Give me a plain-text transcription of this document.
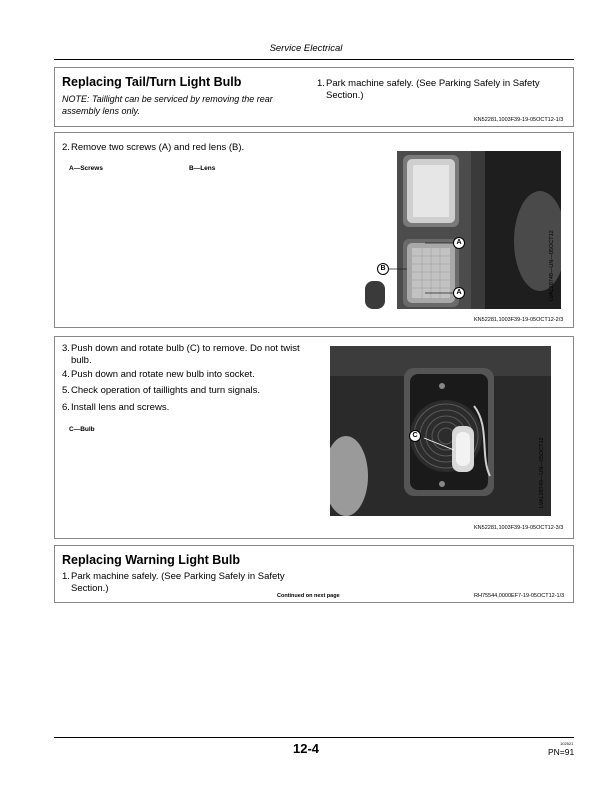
Service Electrical
Replacing Tail/Turn Light Bulb
NOTE: Taillight can be serviced by removing the rear assembly lens only.
1. Park machine safely. (See Parking Safely in Safety Section.)
KN52281,1003F39-19-05OCT12-1/3
2. Remove two screws (A) and red lens (B).
A—Screws	B—Lens
LVAL28748—UN—05OCT12
A
B
A
KN52281,1003F39-19-05OCT12-2/3
3. Push down and rotate bulb (C) to remove. Do not twist bulb.
4. Push down and rotate new bulb into socket.
5. Check operation of taillights and turn signals.
6. Install lens and screws.
C—Bulb
LVAL28749—UN—05OCT12
C
KN52281,1003F39-19-05OCT12-3/3
Replacing Warning Light Bulb
1. Park machine safely. (See Parking Safely in Safety Section.)
Continued on next page	RH75544,0000EF7-19-05OCT12-1/3
12-4	102521
PN=91
